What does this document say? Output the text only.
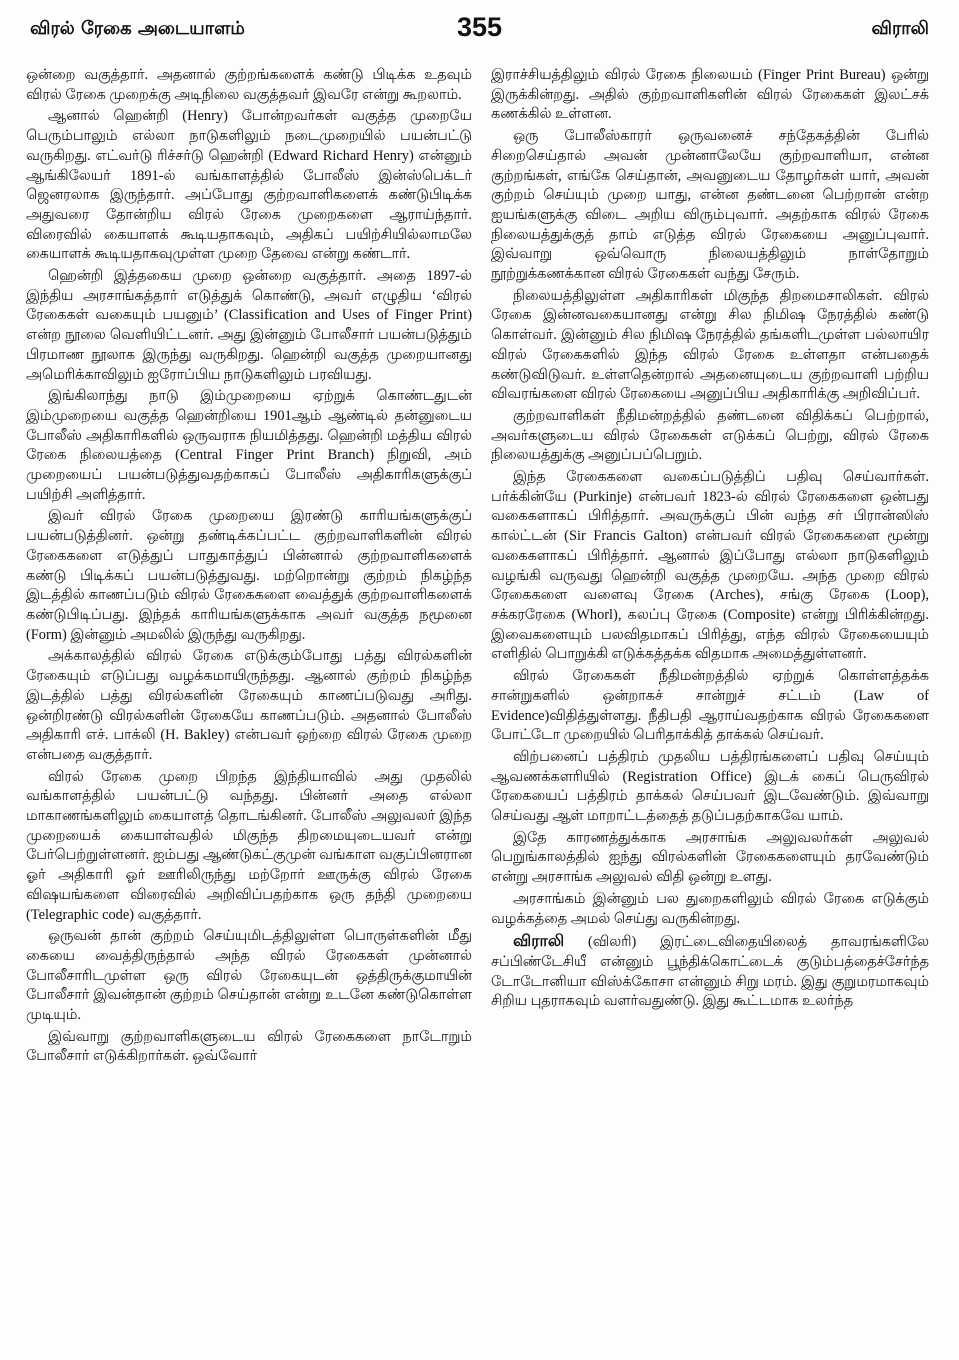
விரல் ரேகை அடையாளம்	355	விராலி

ஒன்றை வகுத்தார். அதனால் குற்றங்களைக் கண்டு பிடிக்க உதவும் விரல் ரேகை முறைக்கு அடிநிலை வகுத்தவர் இவரே என்று கூறலாம்.

ஆனால் ஹென்றி (Henry) போன்றவர்கள் வகுத்த முறையே பெரும்பாலும் எல்லா நாடுகளிலும் நடைமுறையில் பயன்பட்டு வருகிறது. எட்வர்டு ரிச்சர்டு ஹென்றி (Edward Richard Henry) என்னும் ஆங்கிலேயர் 1891-ல் வங்காளத்தில் போலீஸ் இன்ஸ்பெக்டர் ஜெனரலாக இருந்தார். அப்போது குற்றவாளிகளைக் கண்டுபிடிக்க அதுவரை தோன்றிய விரல் ரேகை முறைகளை ஆராய்ந்தார். விரைவில் கையாளக் கூடியதாகவும், அதிகப் பயிற்சியில்லாமலே கையாளக் கூடியதாகவுமுள்ள முறை தேவை என்று கண்டார்.

ஹென்றி இத்தகைய முறை ஒன்றை வகுத்தார். அதை 1897-ல் இந்திய அரசாங்கத்தார் எடுத்துக் கொண்டு, அவர் எழுதிய ‘விரல் ரேகைகள் வகையும் பயனும்’ (Classification and Uses of Finger Print) என்ற நூலை வெளியிட்டனர். அது இன்னும் போலீசார் பயன்படுத்தும் பிரமாண நூலாக இருந்து வருகிறது. ஹென்றி வகுத்த முறையானது அமெரிக்காவிலும் ஐரோப்பிய நாடுகளிலும் பரவியது.

இங்கிலாந்து நாடு இம்முறையை ஏற்றுக் கொண்டதுடன் இம்முறையை வகுத்த ஹென்றியை 1901ஆம் ஆண்டில் தன்னுடைய போலீஸ் அதிகாரிகளில் ஒருவராக நியமித்தது. ஹென்றி மத்திய விரல் ரேகை நிலையத்தை (Central Finger Print Branch) நிறுவி, அம் முறையைப் பயன்படுத்துவதற்காகப் போலீஸ் அதிகாரிகளுக்குப் பயிற்சி அளித்தார்.

இவர் விரல் ரேகை முறையை இரண்டு காரியங்களுக்குப் பயன்படுத்தினர். ஒன்று தண்டிக்கப்பட்ட குற்றவாளிகளின் விரல் ரேகைகளை எடுத்துப் பாதுகாத்துப் பின்னால் குற்றவாளிகளைக் கண்டு பிடிக்கப் பயன்படுத்துவது. மற்றொன்று குற்றம் நிகழ்ந்த இடத்தில் காணப்படும் விரல் ரேகைகளை வைத்துக் குற்றவாளிகளைக் கண்டுபிடிப்பது. இந்தக் காரியங்களுக்காக அவர் வகுத்த நமூனை (Form) இன்னும் அமலில் இருந்து வருகிறது.

அக்காலத்தில் விரல் ரேகை எடுக்கும்போது பத்து விரல்களின் ரேகையும் எடுப்பது வழக்கமாயிருந்தது. ஆனால் குற்றம் நிகழ்ந்த இடத்தில் பத்து விரல்களின் ரேகையும் காணப்படுவது அரிது. ஒன்றிரண்டு விரல்களின் ரேகையே காணப்படும். அதனால் போலீஸ் அதிகாரி எச். பாக்லி (H. Bakley) என்பவர் ஒற்றை விரல் ரேகை முறை என்பதை வகுத்தார்.

விரல் ரேகை முறை பிறந்த இந்தியாவில் அது முதலில் வங்காளத்தில் பயன்பட்டு வந்தது. பின்னர் அதை எல்லா மாகாணங்களிலும் கையாளத் தொடங்கினர். போலீஸ் அலுவலர் இந்த முறையைக் கையாள்வதில் மிகுந்த திறமையுடையவர் என்று பேர்பெற்றுள்ளனர். ஐம்பது ஆண்டுகட்குமுன் வங்காள வகுப்பினரான ஓர் அதிகாரி ஓர் ஊரிலிருந்து மற்றோர் ஊருக்கு விரல் ரேகை விஷயங்களை விரைவில் அறிவிப்பதற்காக ஒரு தந்தி முறையை (Telegraphic code) வகுத்தார்.

ஒருவன் தான் குற்றம் செய்யுமிடத்திலுள்ள பொருள்களின் மீது கையை வைத்திருந்தால் அந்த விரல் ரேகைகள் முன்னால் போலீசாரிடமுள்ள ஒரு விரல் ரேகையுடன் ஒத்திருக்குமாயின் போலீசார் இவன்தான் குற்றம் செய்தான் என்று உடனே கண்டுகொள்ள முடியும்.

இவ்வாறு குற்றவாளிகளுடைய விரல் ரேகைகளை நாடோறும் போலீசார் எடுக்கிறார்கள். ஒவ்வோர்

இராச்சியத்திலும் விரல் ரேகை நிலையம் (Finger Print Bureau) ஒன்று இருக்கின்றது. அதில் குற்றவாளிகளின் விரல் ரேகைகள் இலட்சக் கணக்கில் உள்ளன.

ஒரு போலீஸ்காரர் ஒருவனைச் சந்தேகத்தின் பேரில் சிறைசெய்தால் அவன் முன்னாலேயே குற்றவாளியா, என்ன குற்றங்கள், எங்கே செய்தான், அவனுடைய தோழர்கள் யார், அவன் குற்றம் செய்யும் முறை யாது, என்ன தண்டனை பெற்றான் என்ற ஐயங்களுக்கு விடை அறிய விரும்புவார். அதற்காக விரல் ரேகை நிலையத்துக்குத் தாம் எடுத்த விரல் ரேகையை அனுப்புவார். இவ்வாறு ஒவ்வொரு நிலையத்திலும் நாள்தோறும் நூற்றுக்கணக்கான விரல் ரேகைகள் வந்து சேரும்.

நிலையத்திலுள்ள அதிகாரிகள் மிகுந்த திறமைசாலிகள். விரல் ரேகை இன்னவகையானது என்று சில நிமிஷ நேரத்தில் கண்டு கொள்வர். இன்னும் சில நிமிஷ நேரத்தில் தங்களிடமுள்ள பல்லாயிர விரல் ரேகைகளில் இந்த விரல் ரேகை உள்ளதா என்பதைக் கண்டுவிடுவர். உள்ளதென்றால் அதனையுடைய குற்றவாளி பற்றிய விவரங்களை விரல் ரேகையை அனுப்பிய அதிகாரிக்கு அறிவிப்பர்.

குற்றவாளிகள் நீதிமன்றத்தில் தண்டனை விதிக்கப் பெற்றால், அவர்களுடைய விரல் ரேகைகள் எடுக்கப் பெற்று, விரல் ரேகை நிலையத்துக்கு அனுப்பப்பெறும்.

இந்த ரேகைகளை வகைப்படுத்திப் பதிவு செய்வார்கள். பர்க்கின்யே (Purkinje) என்பவர் 1823-ல் விரல் ரேகைகளை ஒன்பது வகைகளாகப் பிரித்தார். அவருக்குப் பின் வந்த சர் பிரான்ஸிஸ் கால்ட்டன் (Sir Francis Galton) என்பவர் விரல் ரேகைகளை மூன்று வகைகளாகப் பிரித்தார். ஆனால் இப்போது எல்லா நாடுகளிலும் வழங்கி வருவது ஹென்றி வகுத்த முறையே. அந்த முறை விரல் ரேகைகளை வளைவு ரேகை (Arches), சங்கு ரேகை (Loop), சக்கரரேகை (Whorl), கலப்பு ரேகை (Composite) என்று பிரிக்கின்றது. இவைகளையும் பலவிதமாகப் பிரித்து, எந்த விரல் ரேகையையும் எளிதில் பொறுக்கி எடுக்கத்தக்க விதமாக அமைத்துள்ளனர்.

விரல் ரேகைகள் நீதிமன்றத்தில் ஏற்றுக் கொள்ளத்தக்க சான்றுகளில் ஒன்றாகச் சான்றுச் சட்டம் (Law of Evidence)விதித்துள்ளது. நீதிபதி ஆராய்வதற்காக விரல் ரேகைகளை போட்டோ முறையில் பெரிதாக்கித் தாக்கல் செய்வர்.

விற்பனைப் பத்திரம் முதலிய பத்திரங்களைப் பதிவு செய்யும் ஆவணக்களரியில் (Registration Office) இடக் கைப் பெருவிரல் ரேகையைப் பத்திரம் தாக்கல் செய்பவர் இடவேண்டும். இவ்வாறு செய்வது ஆள் மாறாட்டத்தைத் தடுப்பதற்காகவே யாம்.

இதே காரணத்துக்காக அரசாங்க அலுவலர்கள் அலுவல் பெறுங்காலத்தில் ஐந்து விரல்களின் ரேகைகளையும் தரவேண்டும் என்று அரசாங்க அலுவல் விதி ஒன்று உளது.

அரசாங்கம் இன்னும் பல துறைகளிலும் விரல் ரேகை எடுக்கும் வழக்கத்தை அமல் செய்து வருகின்றது.

விராலி (விலரி) இரட்டைவிதையிலைத் தாவரங்களிலே சப்பிண்டேசியீ என்னும் பூந்திக்கொட்டைக் குடும்பத்தைச்சேர்ந்த டோடோனியா விஸ்க்கோசா என்னும் சிறு மரம். இது குறுமரமாகவும் சிறிய புதராகவும் வளர்வதுண்டு. இது கூட்டமாக உலர்ந்த
